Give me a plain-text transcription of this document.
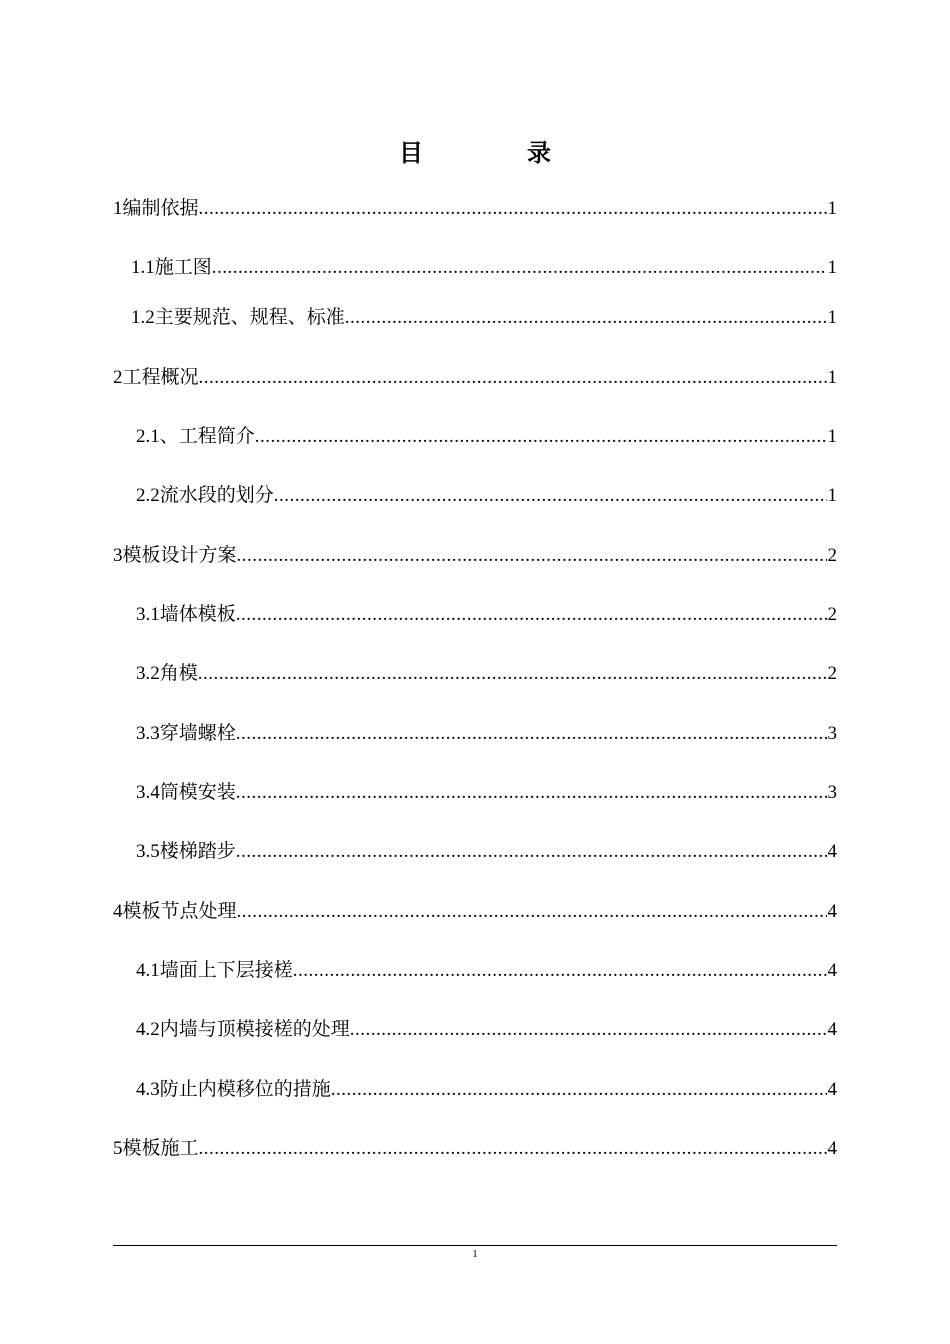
目　录
1编制依据 .....	1
1.1施工图 .....	1
1.2主要规范、规程、标准 .....	1
2工程概况 .....	1
2.1、工程简介 .....	1
2.2流水段的划分 .....	1
3模板设计方案 .....	2
3.1墙体模板 .....	2
3.2角模 .....	2
3.3穿墙螺栓 .....	3
3.4筒模安装 .....	3
3.5楼梯踏步 .....	4
4模板节点处理 .....	4
4.1墙面上下层接槎 .....	4
4.2内墙与顶模接槎的处理 .....	4
4.3防止内模移位的措施 .....	4
5模板施工 .....	4
1
